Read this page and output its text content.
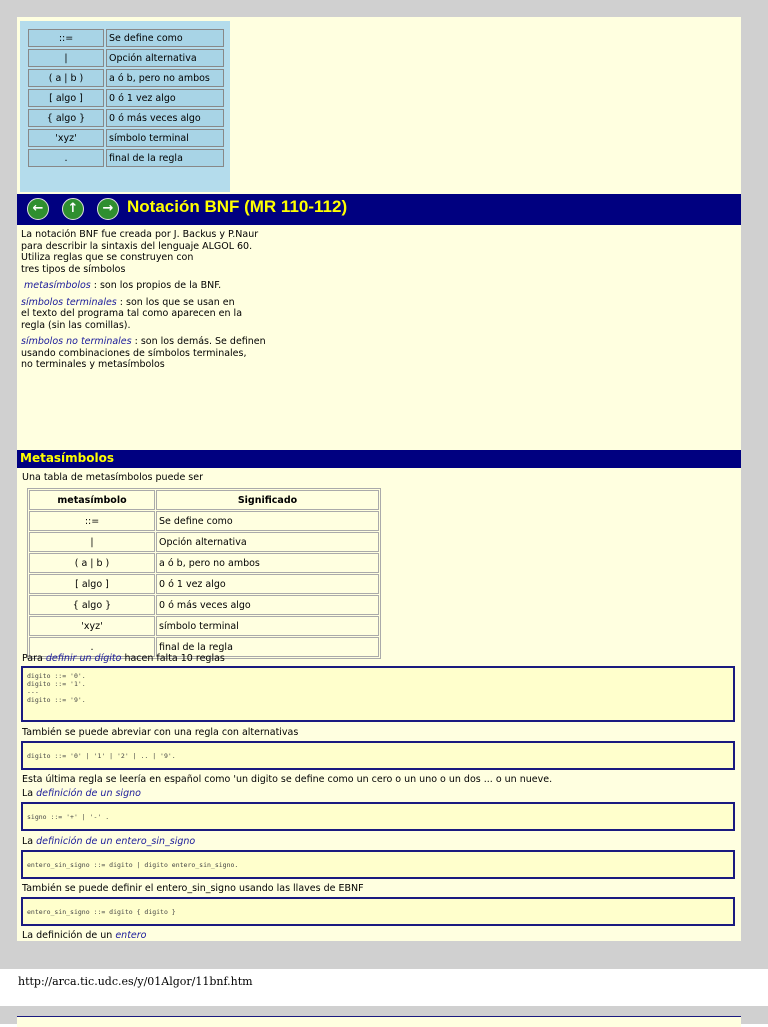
::=	Se define como
|	Opción alternativa
( a | b )	a ó b, pero no ambos
[ algo ]	0 ó 1 vez algo
{ algo }	0 ó más veces algo
'xyz'	símbolo terminal
.	final de la regla
←	↑	→ Notación BNF (MR 110-112)

La notación BNF fue creada por J. Backus y P.Naur
para describir la sintaxis del lenguaje ALGOL 60.
Utiliza reglas que se construyen con
tres tipos de símbolos

metasímbolos : son los propios de la BNF.

símbolos terminales : son los que se usan en
el texto del programa tal como aparecen en la
regla (sin las comillas).

símbolos no terminales : son los demás. Se definen
usando combinaciones de símbolos terminales,
no terminales y metasímbolos

Metasímbolos
Una tabla de metasímbolos puede ser
metasímbolo	Significado
::=	Se define como
|	Opción alternativa
( a | b )	a ó b, pero no ambos
[ algo ]	0 ó 1 vez algo
{ algo }	0 ó más veces algo
'xyz'	símbolo terminal
.	final de la regla
Para definir un dígito hacen falta 10 reglas
digito ::= '0'.
digito ::= '1'.
---
digito ::= '9'.
También se puede abreviar con una regla con alternativas
digito ::= '0' | '1' | '2' | .. | '9'.
Esta última regla se leería en español como 'un digito se define como un cero o un uno o un dos ... o un nueve.
La definición de un signo
signo ::= '+' | '-' .
La definición de un entero_sin_signo
entero_sin_signo ::= digito | digito entero_sin_signo.
También se puede definir el entero_sin_signo usando las llaves de EBNF
entero_sin_signo ::= digito { digito }
La definición de un entero
http://arca.tic.udc.es/y/01Algor/11bnf.htm
